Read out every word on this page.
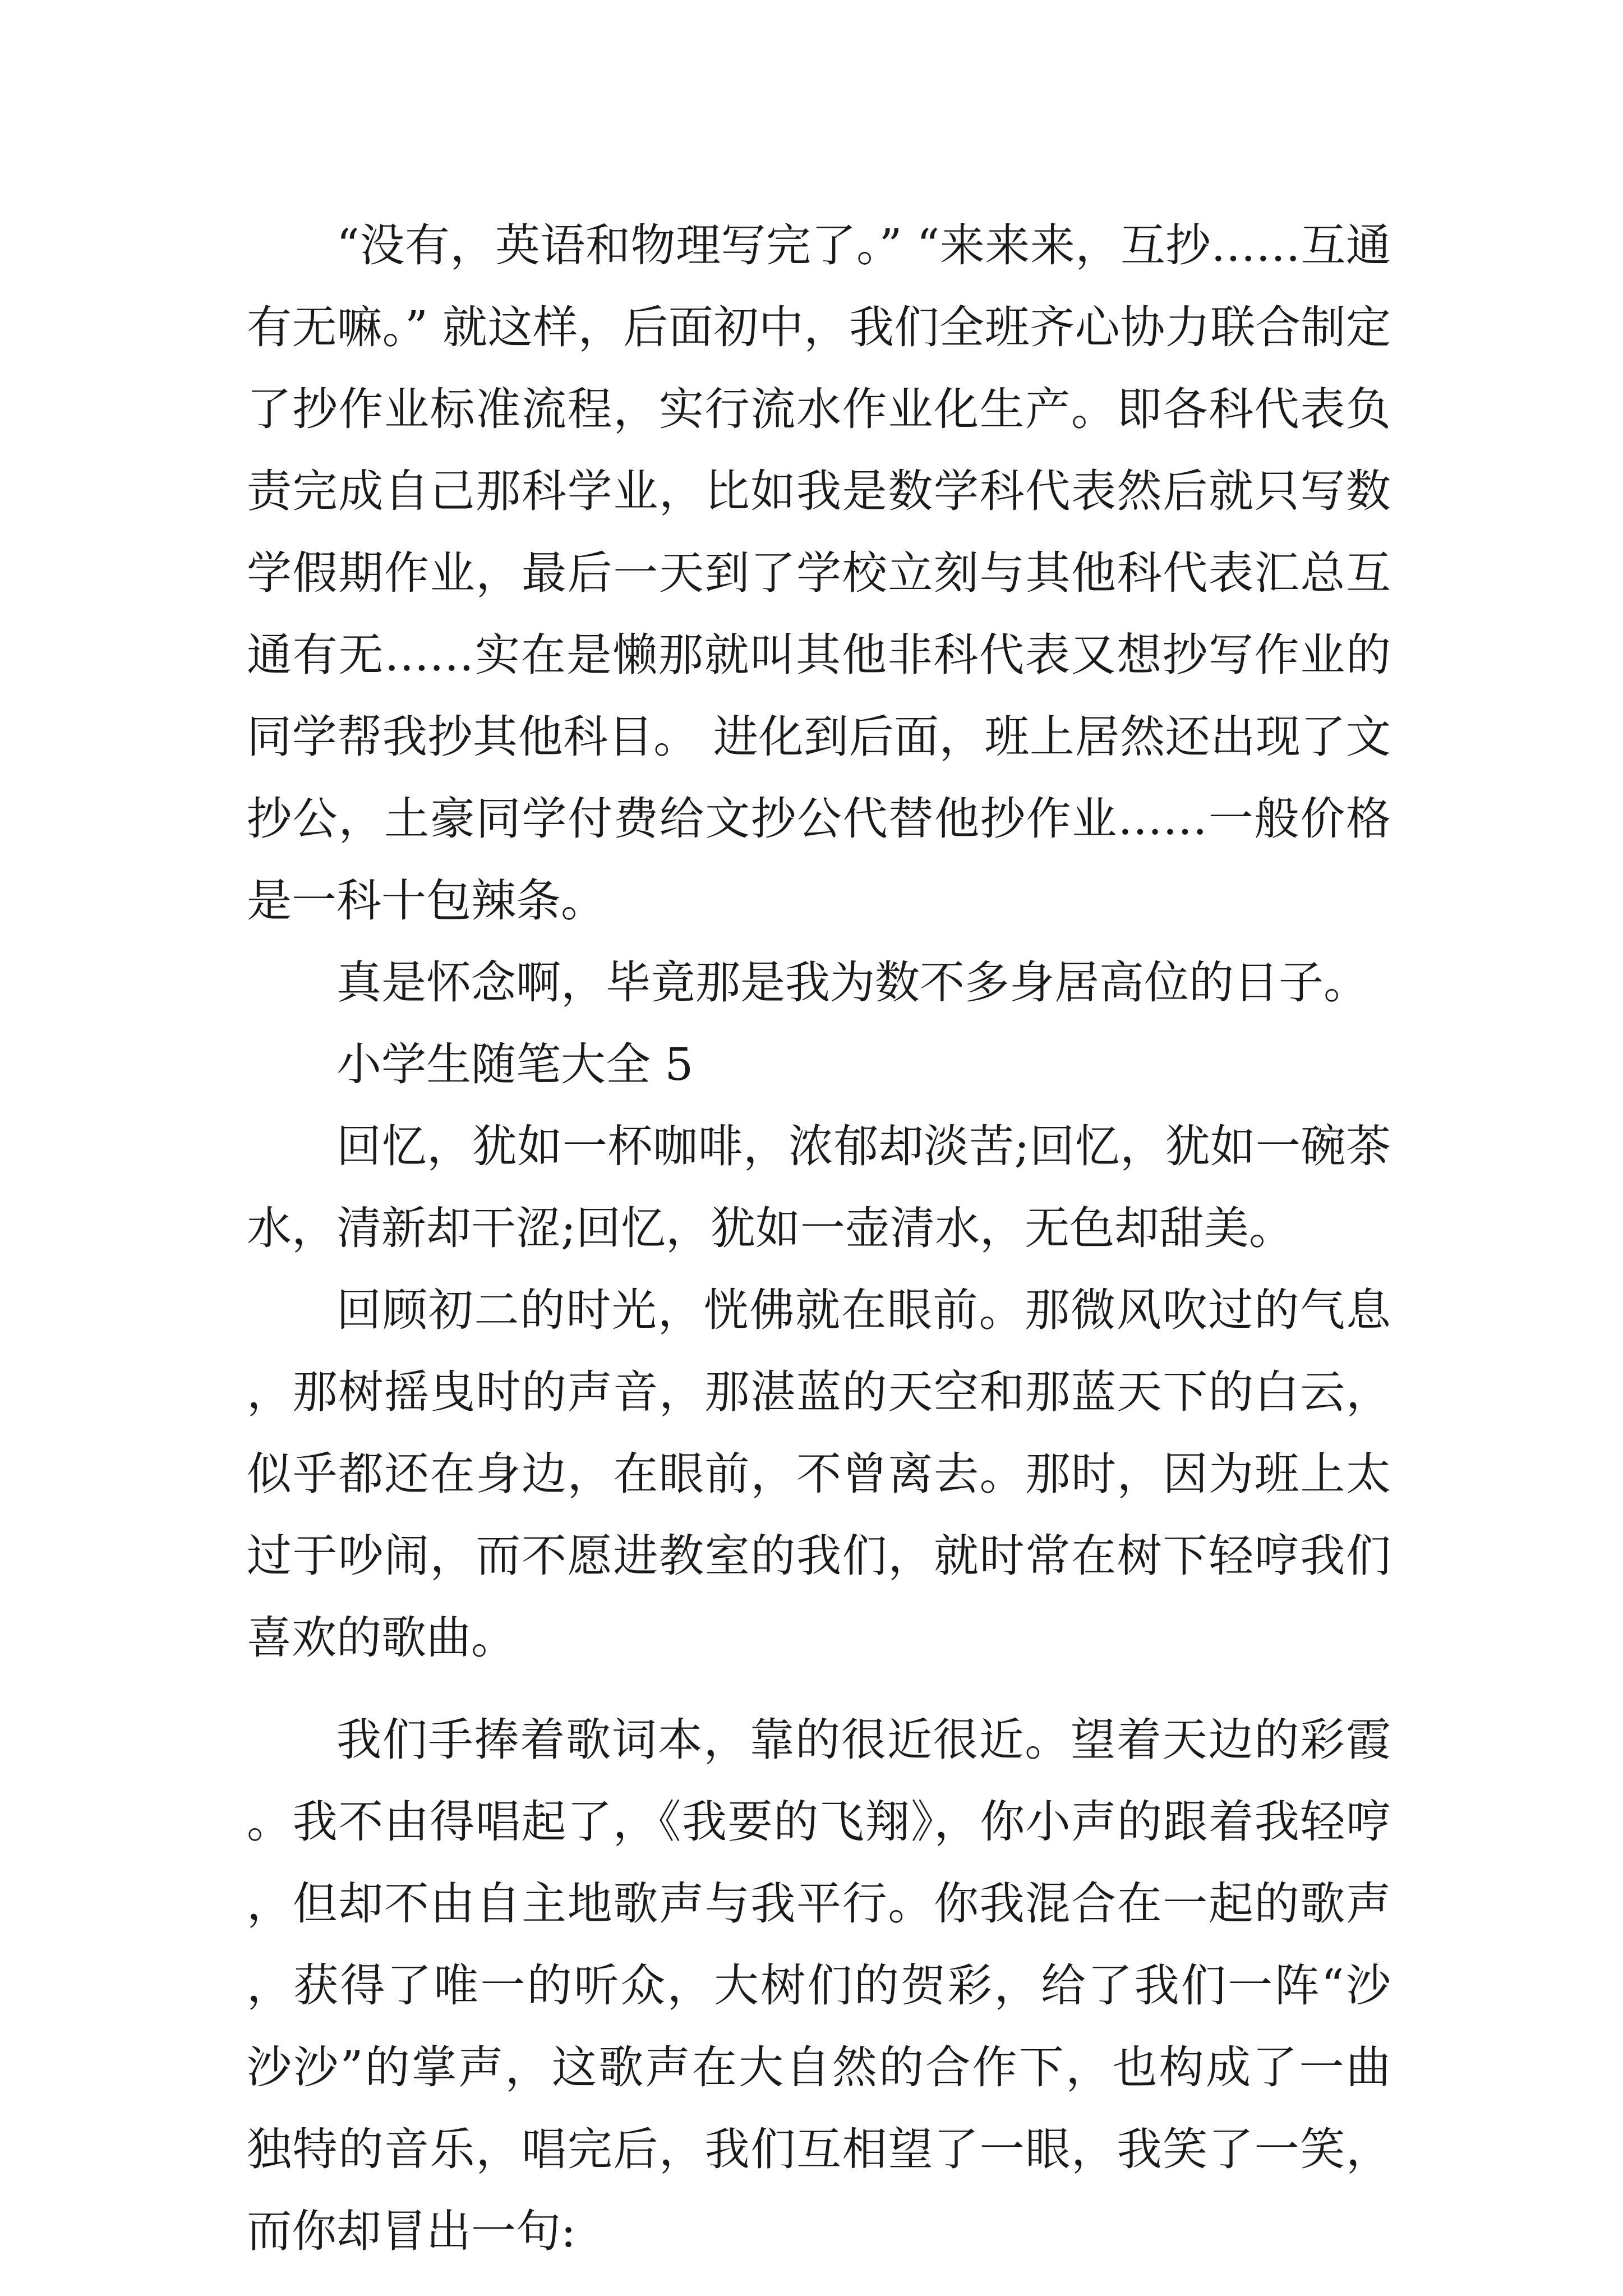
“没有，英语和物理写完了。” “来来来，互抄……互通有无嘛。” 就这样，后面初中，我们全班齐心协力联合制定了抄作业标准流程，实行流水作业化生产。即各科代表负责完成自己那科学业，比如我是数学科代表然后就只写数学假期作业，最后一天到了学校立刻与其他科代表汇总互通有无……实在是懒那就叫其他非科代表又想抄写作业的同学帮我抄其他科目。 进化到后面，班上居然还出现了文抄公，土豪同学付费给文抄公代替他抄作业……一般价格是一科十包辣条。

真是怀念啊，毕竟那是我为数不多身居高位的日子。

小学生随笔大全 5

回忆，犹如一杯咖啡，浓郁却淡苦;回忆，犹如一碗茶水，清新却干涩;回忆，犹如一壶清水，无色却甜美。

回顾初二的时光，恍佛就在眼前。那微风吹过的气息，那树摇曳时的声音，那湛蓝的天空和那蓝天下的白云，似乎都还在身边，在眼前，不曾离去。那时，因为班上太过于吵闹，而不愿进教室的我们，就时常在树下轻哼我们喜欢的歌曲。

我们手捧着歌词本，靠的很近很近。望着天边的彩霞。我不由得唱起了，《我要的飞翔》，你小声的跟着我轻哼，但却不由自主地歌声与我平行。你我混合在一起的歌声，获得了唯一的听众，大树们的贺彩，给了我们一阵“沙沙沙”的掌声，这歌声在大自然的合作下，也构成了一曲独特的音乐，唱完后，我们互相望了一眼，我笑了一笑，而你却冒出一句:
